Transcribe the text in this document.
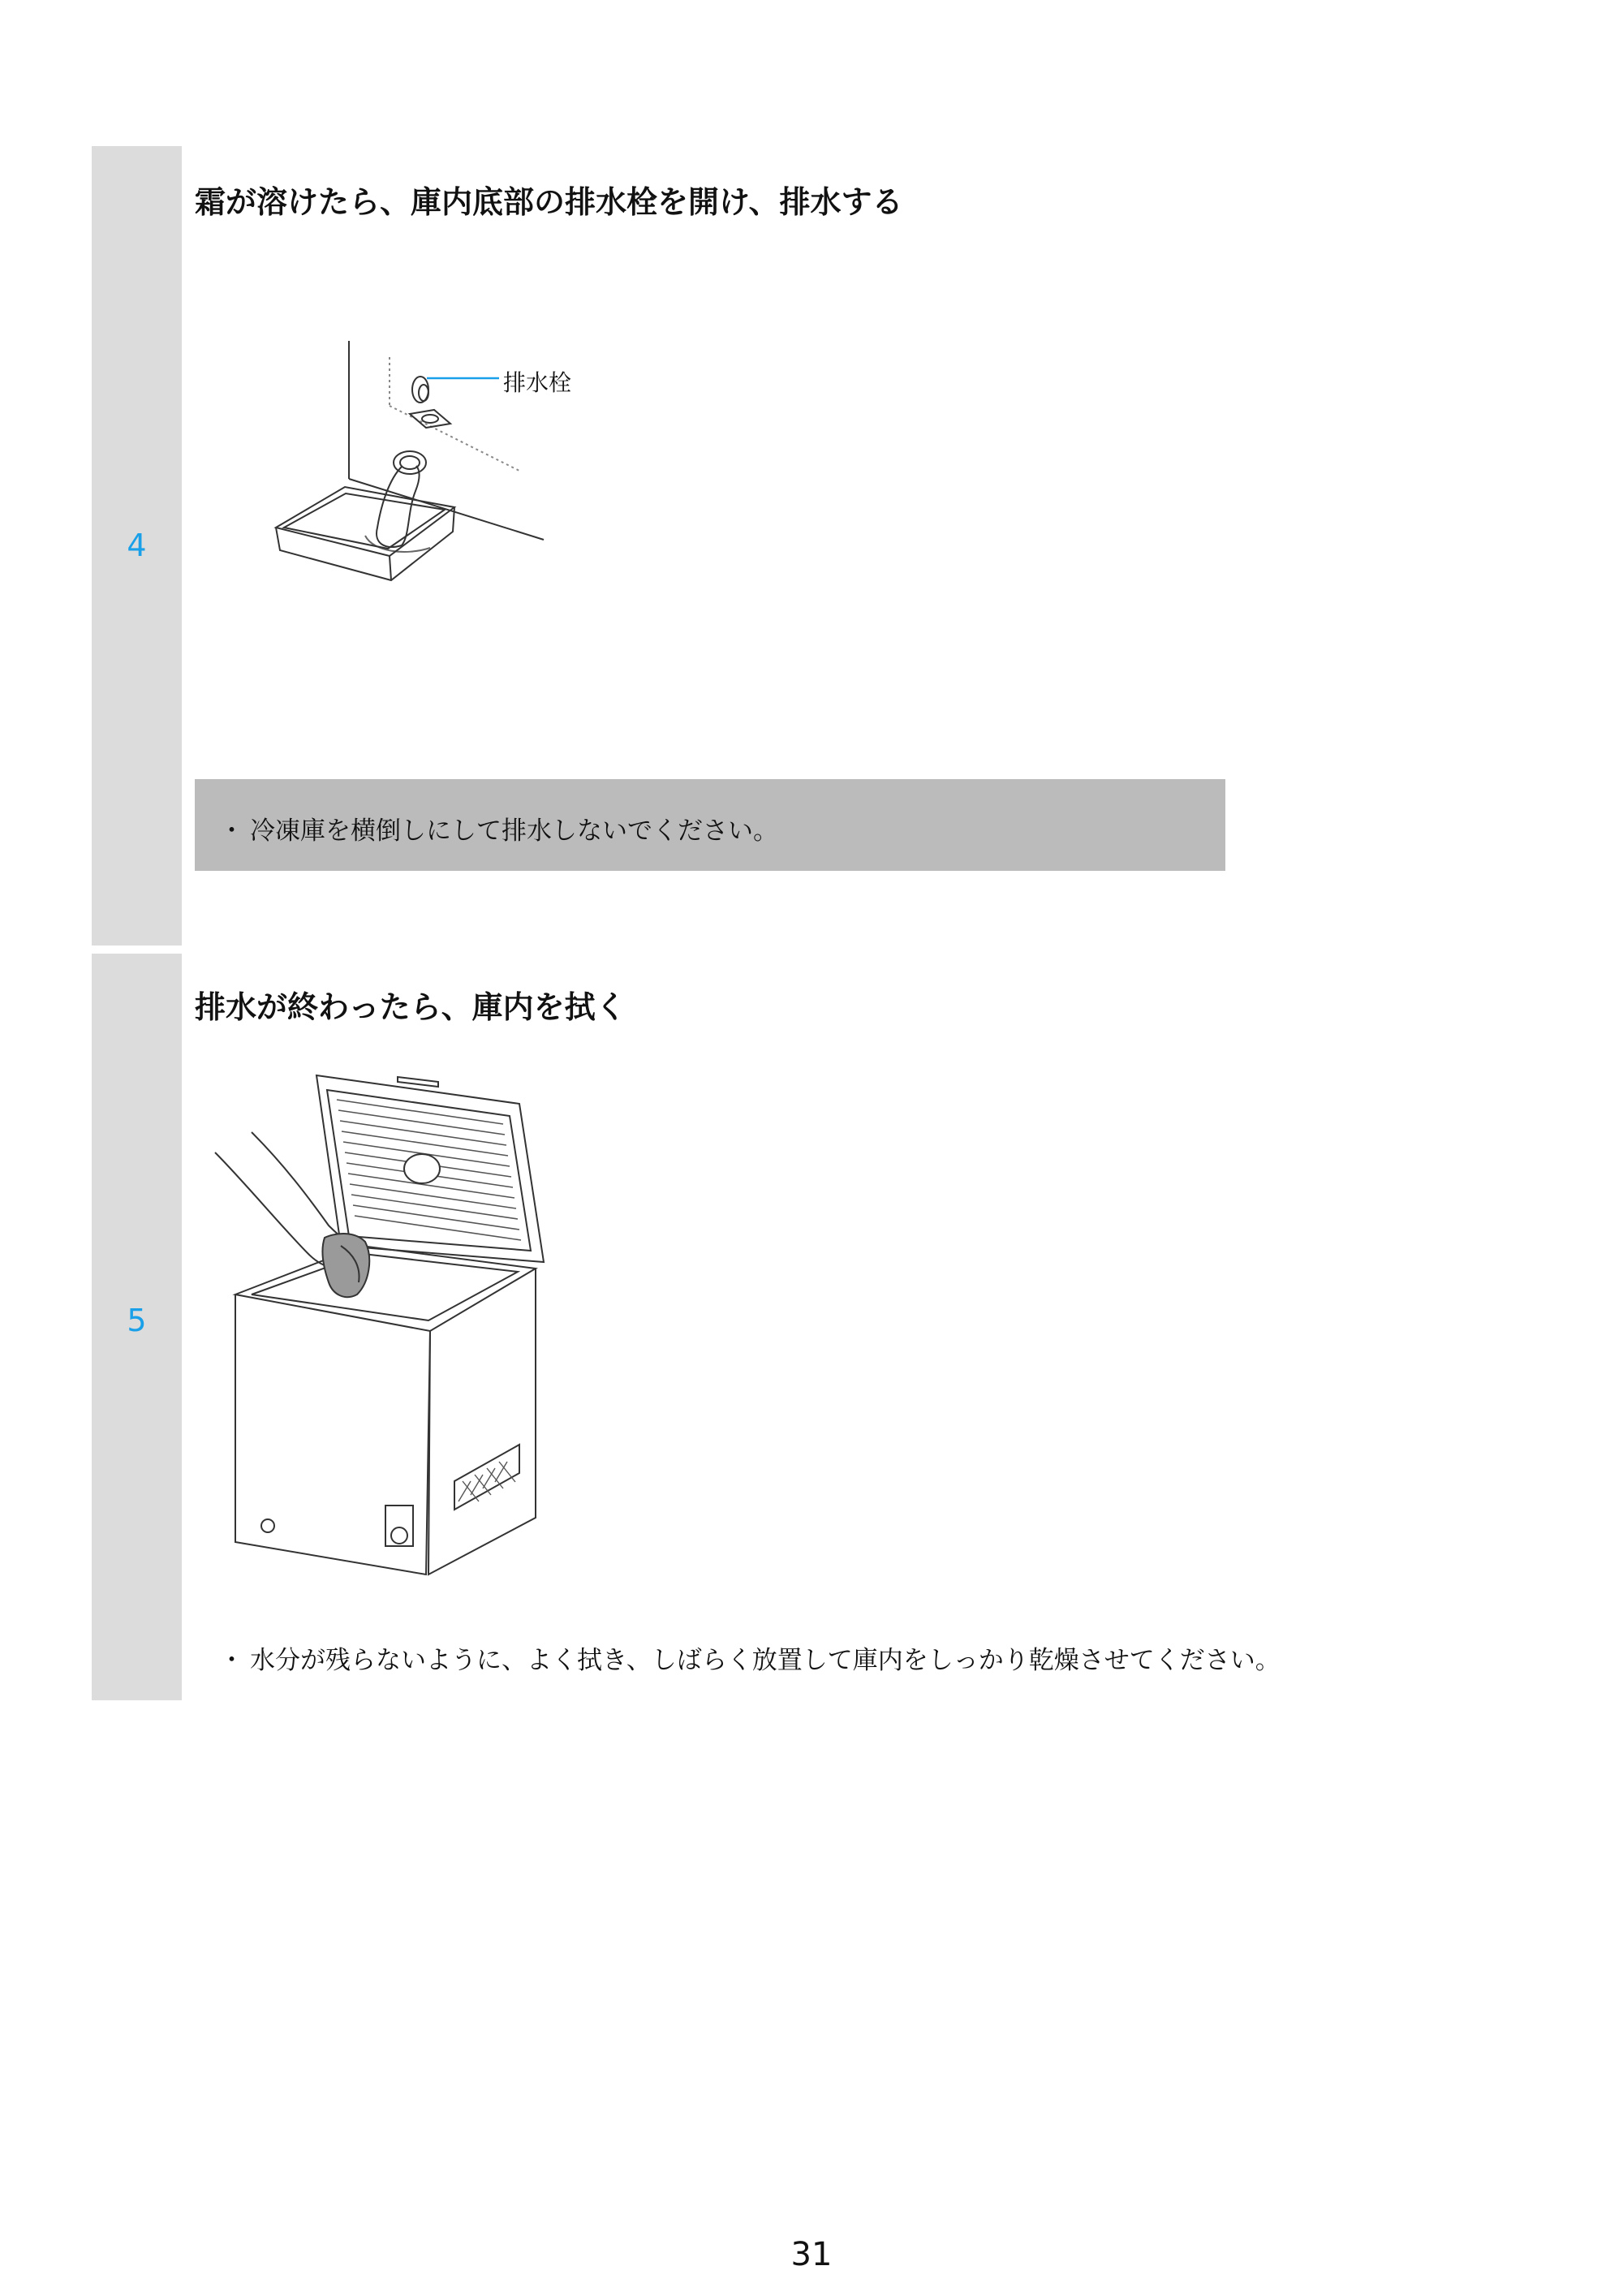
4
霜が溶けたら、庫内底部の排水栓を開け、排水する
排水栓
・ 冷凍庫を横倒しにして排水しないでください。
5
排水が終わったら、庫内を拭く
・ 水分が残らないように、よく拭き、しばらく放置して庫内をしっかり乾燥させてください。
31
